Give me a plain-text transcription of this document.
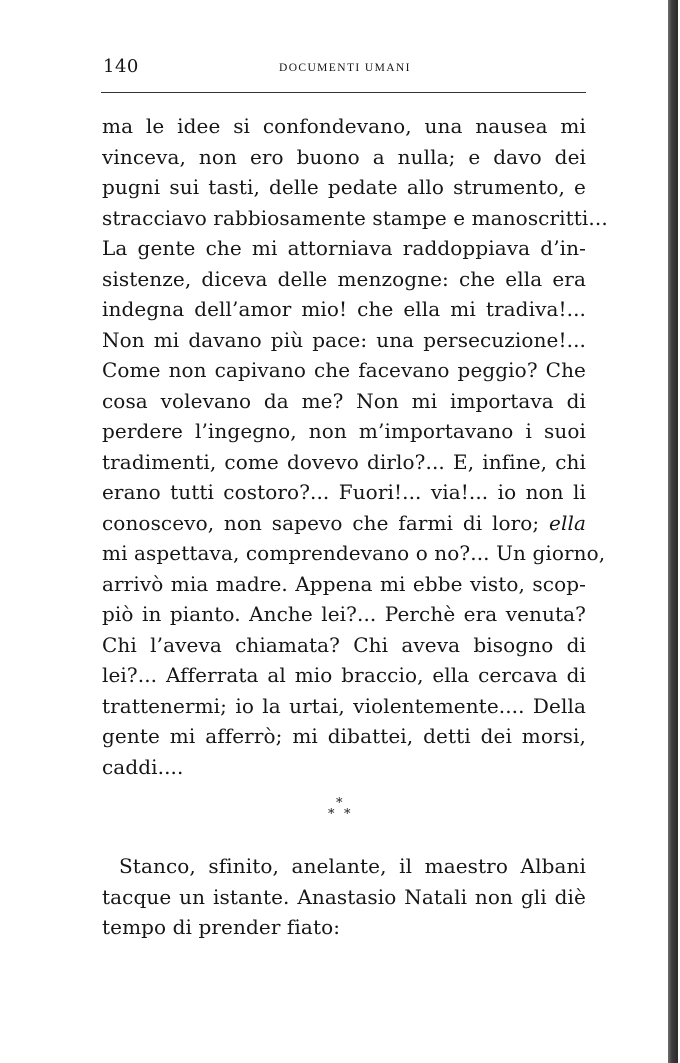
140	DOCUMENTI UMANI
ma le idee si confondevano, una nausea mi
vinceva, non ero buono a nulla; e davo dei
pugni sui tasti, delle pedate allo strumento, e
stracciavo rabbiosamente stampe e manoscritti...
La gente che mi attorniava raddoppiava d’in-
sistenze, diceva delle menzogne: che ella era
indegna dell’amor mio! che ella mi tradiva!...
Non mi davano più pace: una persecuzione!...
Come non capivano che facevano peggio? Che
cosa volevano da me? Non mi importava di
perdere l’ingegno, non m’importavano i suoi
tradimenti, come dovevo dirlo?... E, infine, chi
erano tutti costoro?... Fuori!... via!... io non li
conoscevo, non sapevo che farmi di loro; ella
mi aspettava, comprendevano o no?... Un giorno,
arrivò mia madre. Appena mi ebbe visto, scop-
piò in pianto. Anche lei?... Perchè era venuta?
Chi l’aveva chiamata? Chi aveva bisogno di
lei?... Afferrata al mio braccio, ella cercava di
trattenermi; io la urtai, violentemente.... Della
gente mi afferrò; mi dibattei, detti dei morsi,
caddi....
*
* *
Stanco, sfinito, anelante, il maestro Albani
tacque un istante. Anastasio Natali non gli diè
tempo di prender fiato:
